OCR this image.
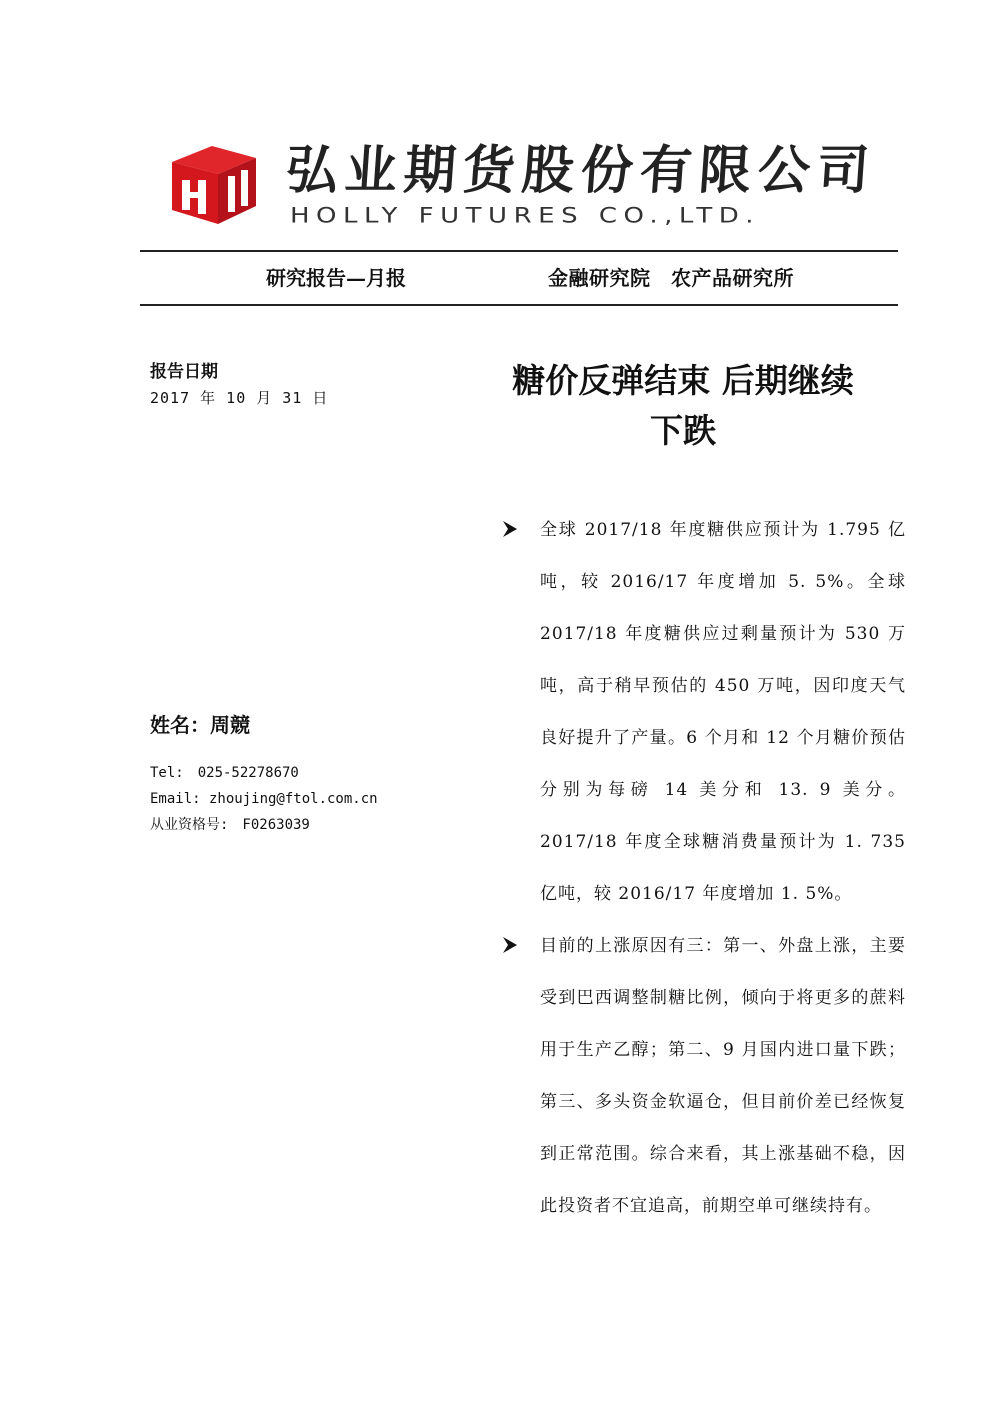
弘业期货股份有限公司
HOLLY FUTURES CO.,LTD.
研究报告—月报	金融研究院　农产品研究所
报告日期
2017 年 10 月 31 日	糖价反弹结束 后期继续
下跌
姓名：周競
Tel:　025-52278670
Email: zhoujing@ftol.com.cn
从业资格号:　F0263039
全球 2017/18 年度糖供应预计为 1.795 亿吨，较 2016/17 年度增加 5. 5%。全球2017/18 年度糖供应过剩量预计为 530 万吨，高于稍早预估的 450 万吨，因印度天气良好提升了产量。6 个月和 12 个月糖价预估分别为每磅 14 美分和 13. 9 美分。2017/18 年度全球糖消费量预计为 1. 735亿吨，较 2016/17 年度增加 1. 5%。
目前的上涨原因有三：第一、外盘上涨，主要受到巴西调整制糖比例，倾向于将更多的蔗料用于生产乙醇；第二、9 月国内进口量下跌；第三、多头资金软逼仓，但目前价差已经恢复到正常范围。综合来看，其上涨基础不稳，因此投资者不宜追高，前期空单可继续持有。
